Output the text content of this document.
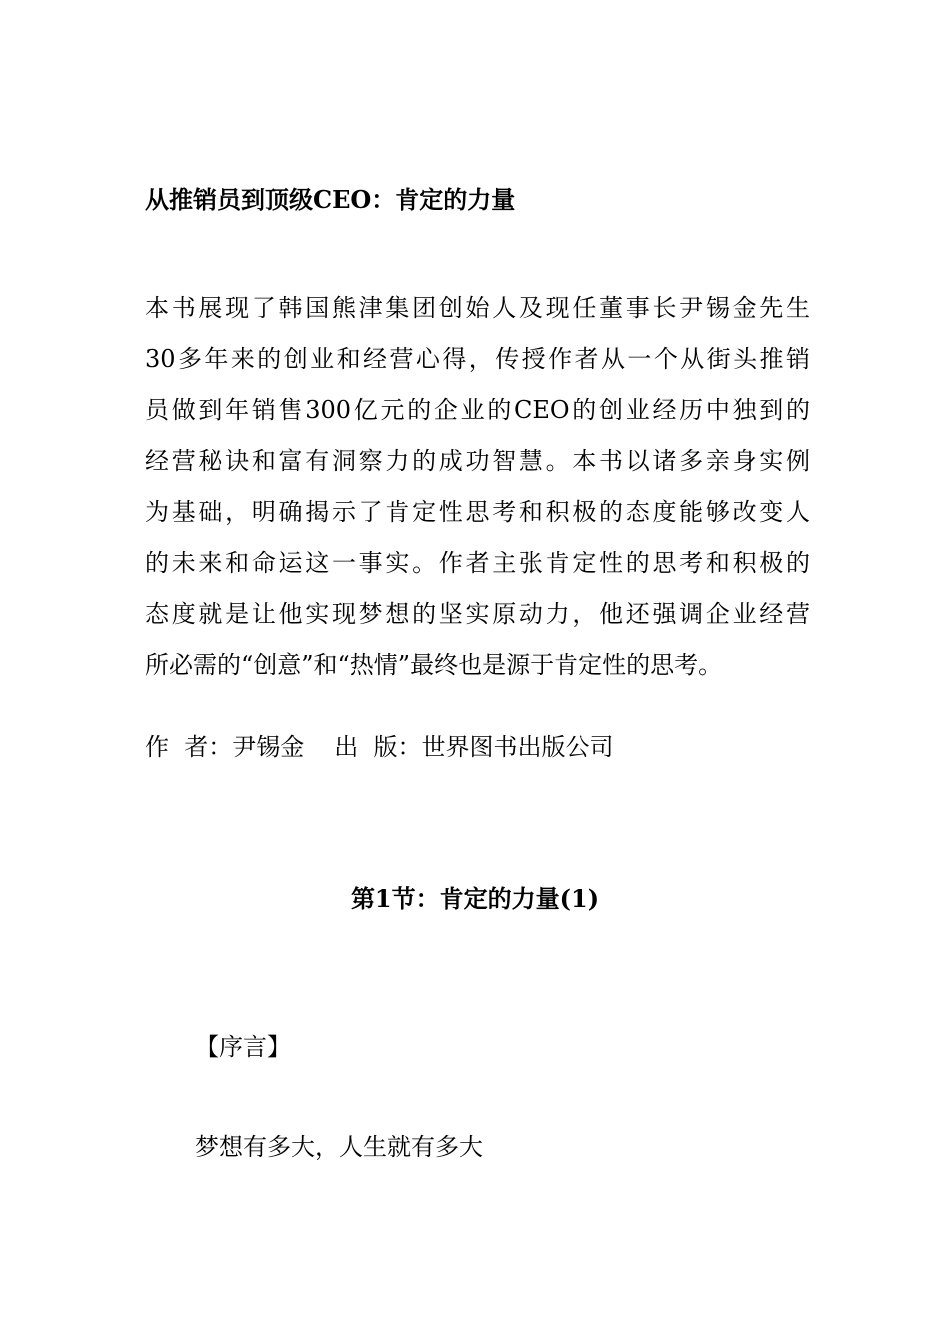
从推销员到顶级CEO：肯定的力量
本书展现了韩国熊津集团创始人及现任董事长尹锡金先生
30多年来的创业和经营心得，传授作者从一个从街头推销
员做到年销售300亿元的企业的CEO的创业经历中独到的
经营秘诀和富有洞察力的成功智慧。本书以诸多亲身实例
为基础，明确揭示了肯定性思考和积极的态度能够改变人
的未来和命运这一事实。作者主张肯定性的思考和积极的
态度就是让他实现梦想的坚实原动力，他还强调企业经营
所必需的“创意”和“热情”最终也是源于肯定性的思考。
作  者：尹锡金 出  版：世界图书出版公司
第1节：肯定的力量(1)
【序言】
梦想有多大，人生就有多大
